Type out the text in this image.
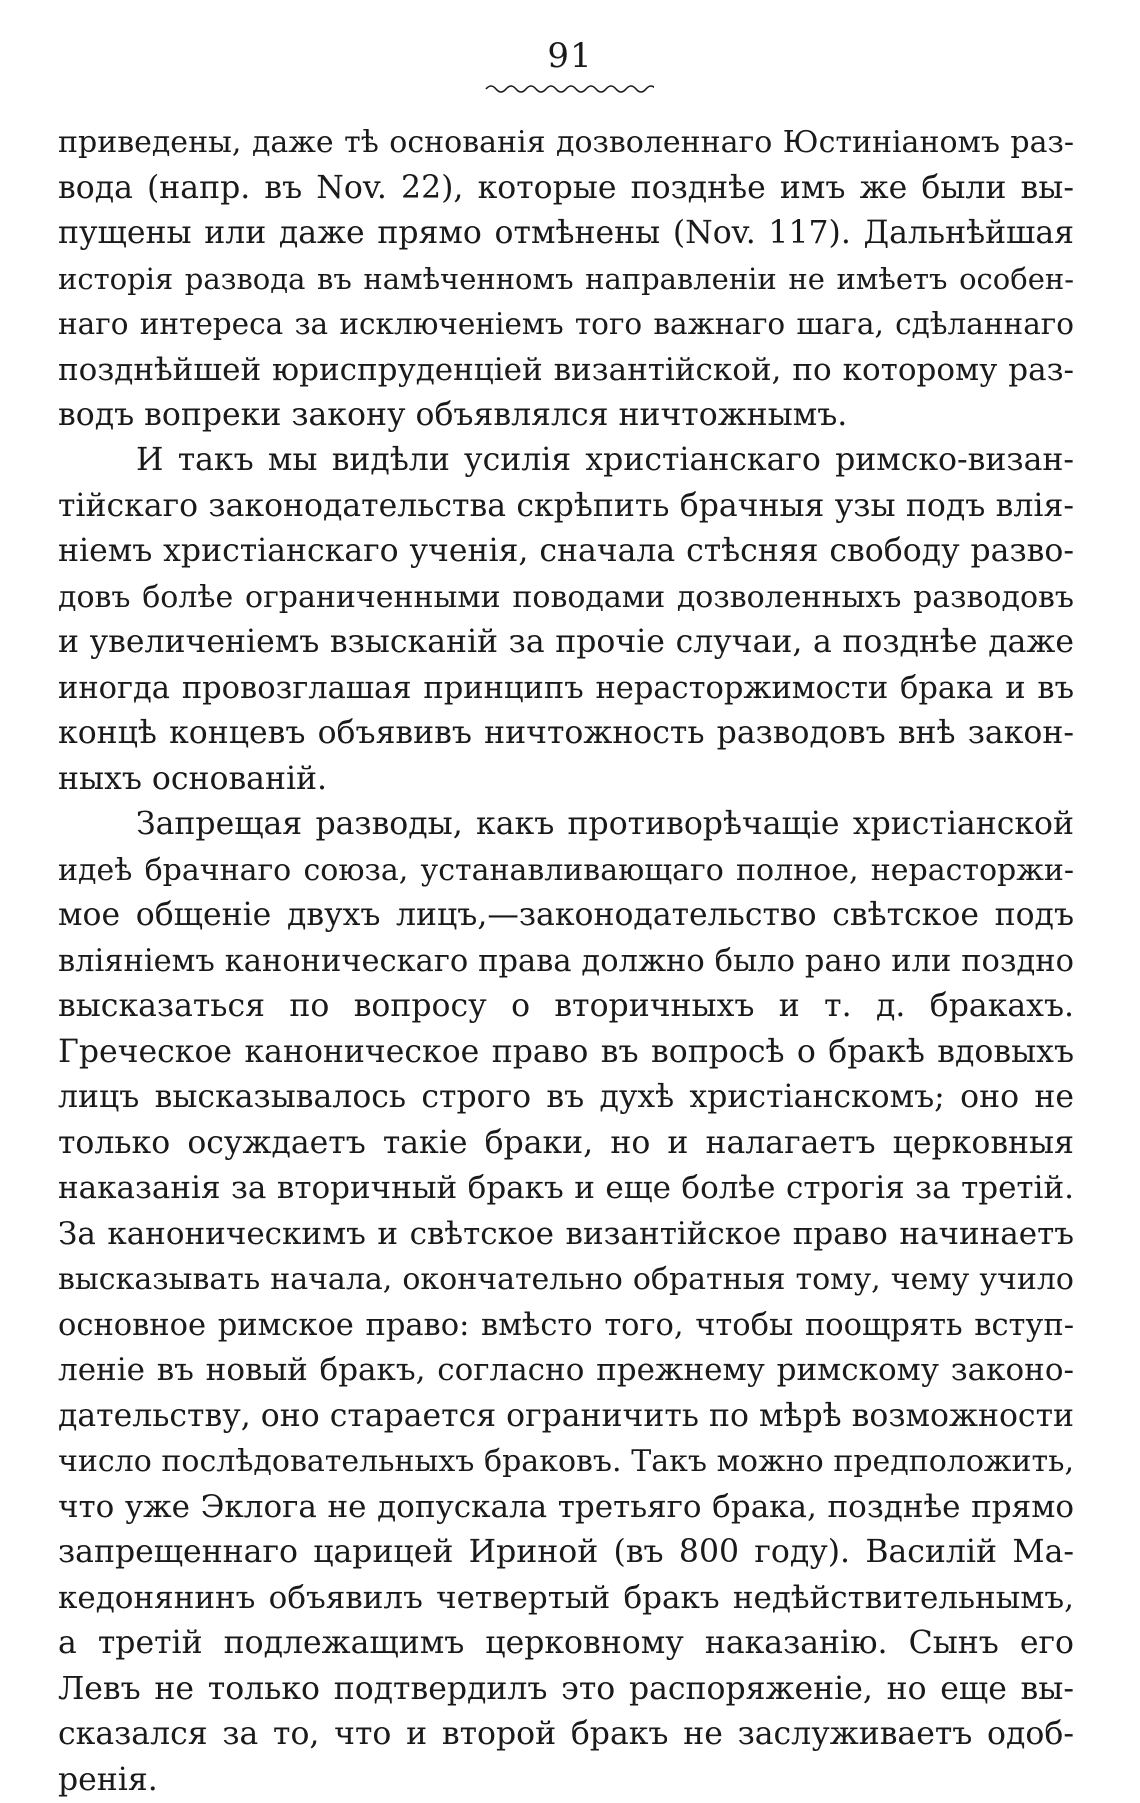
91
приведены, даже тѣ основанія дозволеннаго Юстиніаномъ раз-
вода (напр. въ Nov. 22), которые позднѣе имъ же были вы-
пущены или даже прямо отмѣнены (Nov. 117). Дальнѣйшая
исторія развода въ намѣченномъ направленіи не имѣетъ особен-
наго интереса за исключеніемъ того важнаго шага, сдѣланнаго
позднѣйшей юриспруденціей византійской, по которому раз-
водъ вопреки закону объявлялся ничтожнымъ.
И такъ мы видѣли усилія христіанскаго римско-визан-
тійскаго законодательства скрѣпить брачныя узы подъ влія-
ніемъ христіанскаго ученія, сначала стѣсняя свободу разво-
довъ болѣе ограниченными поводами дозволенныхъ разводовъ
и увеличеніемъ взысканій за прочіе случаи, а позднѣе даже
иногда провозглашая принципъ нерасторжимости брака и въ
концѣ концевъ объявивъ ничтожность разводовъ внѣ закон-
ныхъ основаній.
Запрещая разводы, какъ противорѣчащіе христіанской
идеѣ брачнаго союза, устанавливающаго полное, нерасторжи-
мое общеніе двухъ лицъ,—законодательство свѣтское подъ
вліяніемъ каноническаго права должно было рано или поздно
высказаться по вопросу о вторичныхъ и т. д. бракахъ.
Греческое каноническое право въ вопросѣ о бракѣ вдовыхъ
лицъ высказывалось строго въ духѣ христіанскомъ; оно не
только осуждаетъ такіе браки, но и налагаетъ церковныя
наказанія за вторичный бракъ и еще болѣе строгія за третій.
За каноническимъ и свѣтское византійское право начинаетъ
высказывать начала, окончательно обратныя тому, чему учило
основное римское право: вмѣсто того, чтобы поощрять вступ-
леніе въ новый бракъ, согласно прежнему римскому законо-
дательству, оно старается ограничить по мѣрѣ возможности
число послѣдовательныхъ браковъ. Такъ можно предположить,
что уже Эклога не допускала третьяго брака, позднѣе прямо
запрещеннаго царицей Ириной (въ 800 году). Василій Ма-
кедонянинъ объявилъ четвертый бракъ недѣйствительнымъ,
а третій подлежащимъ церковному наказанію. Сынъ его
Левъ не только подтвердилъ это распоряженіе, но еще вы-
сказался за то, что и второй бракъ не заслуживаетъ одоб-
ренія.
